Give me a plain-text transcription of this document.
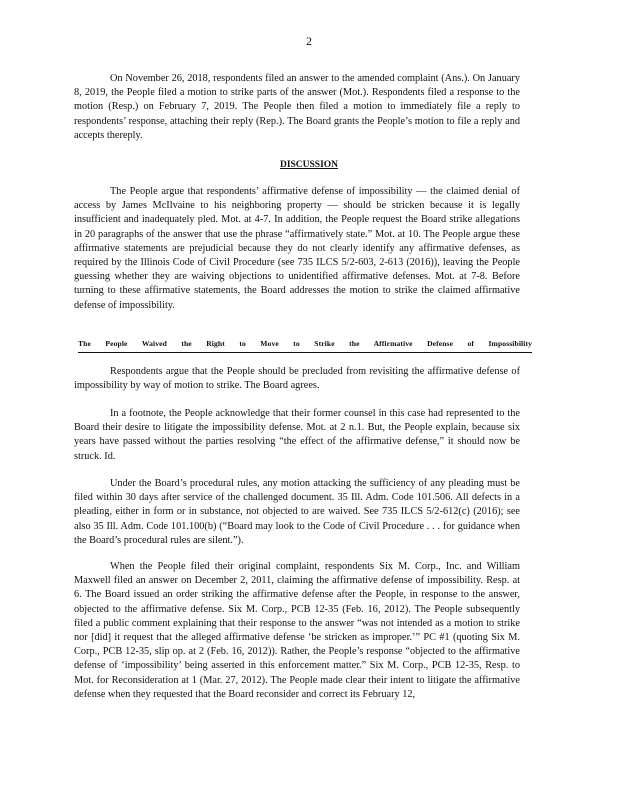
2

On November 26, 2018, respondents filed an answer to the amended complaint (Ans.). On January 8, 2019, the People filed a motion to strike parts of the answer (Mot.). Respondents filed a response to the motion (Resp.) on February 7, 2019. The People then filed a motion to immediately file a reply to respondents’ response, attaching their reply (Rep.). The Board grants the People’s motion to file a reply and accepts thereply.

DISCUSSION

The People argue that respondents’ affirmative defense of impossibility — the claimed denial of access by James McIlvaine to his neighboring property — should be stricken because it is legally insufficient and inadequately pled. Mot. at 4-7. In addition, the People request the Board strike allegations in 20 paragraphs of the answer that use the phrase “affirmatively state.” Mot. at 10. The People argue these affirmative statements are prejudicial because they do not clearly identify any affirmative defenses, as required by the Illinois Code of Civil Procedure (see 735 ILCS 5/2-603, 2-613 (2016)), leaving the People guessing whether they are waiving objections to unidentified affirmative defenses. Mot. at 7-8. Before turning to these affirmative statements, the Board addresses the motion to strike the claimed affirmative defense of impossibility.

The People Waived the Right to Move to Strike the Affirmative Defense of Impossibility

Respondents argue that the People should be precluded from revisiting the affirmative defense of impossibility by way of motion to strike. The Board agrees.

In a footnote, the People acknowledge that their former counsel in this case had represented to the Board their desire to litigate the impossibility defense. Mot. at 2 n.1. But, the People explain, because six years have passed without the parties resolving “the effect of the affirmative defense,” it should now be struck. Id.

Under the Board’s procedural rules, any motion attacking the sufficiency of any pleading must be filed within 30 days after service of the challenged document. 35 Ill. Adm. Code 101.506. All defects in a pleading, either in form or in substance, not objected to are waived. See 735 ILCS 5/2-612(c) (2016); see also 35 Ill. Adm. Code 101.100(b) (“Board may look to the Code of Civil Procedure . . . for guidance when the Board’s procedural rules are silent.”).

When the People filed their original complaint, respondents Six M. Corp., Inc. and William Maxwell filed an answer on December 2, 2011, claiming the affirmative defense of impossibility. Resp. at 6. The Board issued an order striking the affirmative defense after the People, in response to the answer, objected to the affirmative defense. Six M. Corp., PCB 12-35 (Feb. 16, 2012). The People subsequently filed a public comment explaining that their response to the answer “was not intended as a motion to strike nor [did] it request that the alleged affirmative defense ‘be stricken as improper.’” PC #1 (quoting Six M. Corp., PCB 12-35, slip op. at 2 (Feb. 16, 2012)). Rather, the People’s response “objected to the affirmative defense of ‘impossibility’ being asserted in this enforcement matter.” Six M. Corp., PCB 12-35, Resp. to Mot. for Reconsideration at 1 (Mar. 27, 2012). The People made clear their intent to litigate the affirmative defense when they requested that the Board reconsider and correct its February 12,
